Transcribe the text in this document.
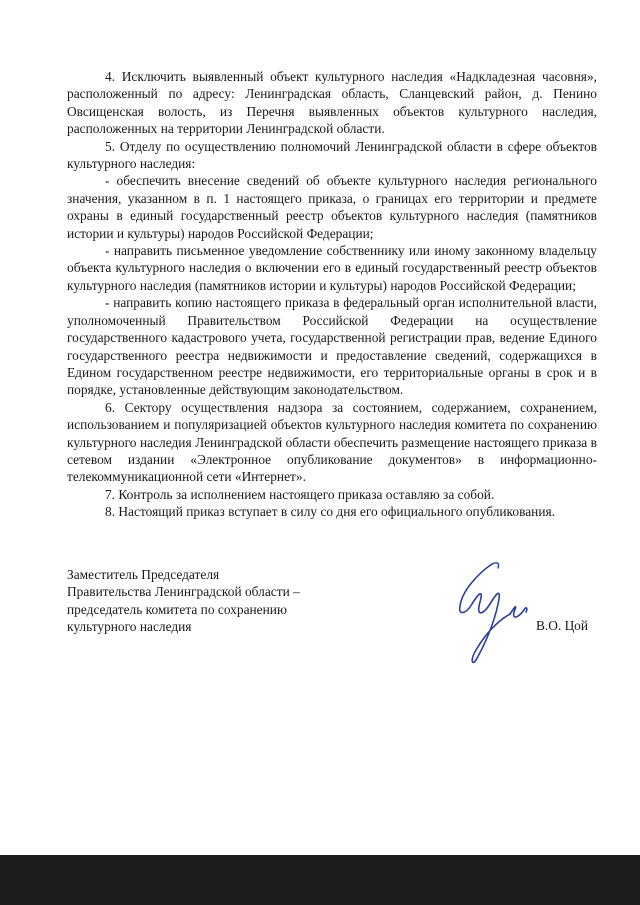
4. Исключить выявленный объект культурного наследия «Надкладезная часовня», расположенный по адресу: Ленинградская область, Сланцевский район, д. Пенино Овсищенская волость, из Перечня выявленных объектов культурного наследия, расположенных на территории Ленинградской области.

5. Отделу по осуществлению полномочий Ленинградской области в сфере объектов культурного наследия:

- обеспечить внесение сведений об объекте культурного наследия регионального значения, указанном в п. 1 настоящего приказа, о границах его территории и предмете охраны в единый государственный реестр объектов культурного наследия (памятников истории и культуры) народов Российской Федерации;

- направить письменное уведомление собственнику или иному законному владельцу объекта культурного наследия о включении его в единый государственный реестр объектов культурного наследия (памятников истории и культуры) народов Российской Федерации;

- направить копию настоящего приказа в федеральный орган исполнительной власти, уполномоченный Правительством Российской Федерации на осуществление государственного кадастрового учета, государственной регистрации прав, ведение Единого государственного реестра недвижимости и предоставление сведений, содержащихся в Едином государственном реестре недвижимости, его территориальные органы в срок и в порядке, установленные действующим законодательством.

6. Сектору осуществления надзора за состоянием, содержанием, сохранением, использованием и популяризацией объектов культурного наследия комитета по сохранению культурного наследия Ленинградской области обеспечить размещение настоящего приказа в сетевом издании «Электронное опубликование документов» в информационно-телекоммуникационной сети «Интернет».

7. Контроль за исполнением настоящего приказа оставляю за собой.

8. Настоящий приказ вступает в силу со дня его официального опубликования.

Заместитель Председателя
Правительства Ленинградской области –
председатель комитета по сохранению
культурного наследия	В.О. Цой
